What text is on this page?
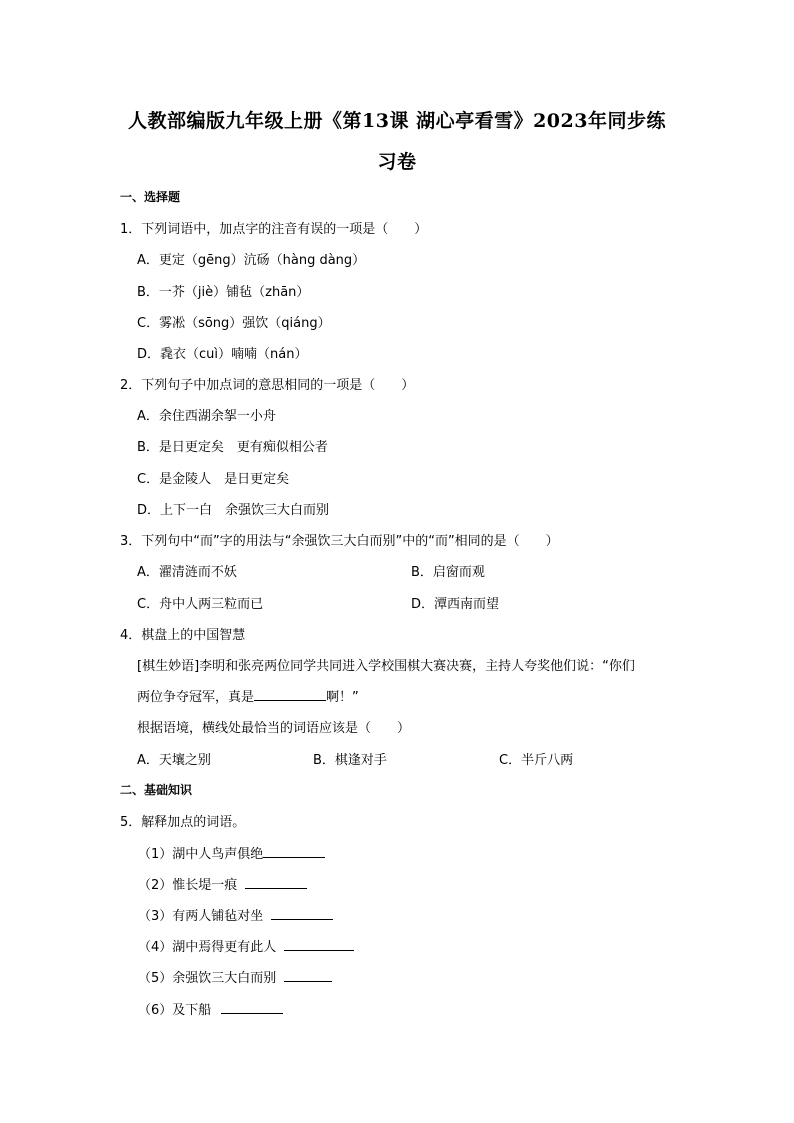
人教部编版九年级上册《第13课 湖心亭看雪》2023年同步练
习卷
一、选择题
1．下列词语中，加点字的注音有误的一项是（　　）
A．更定（gēng）沆砀（hàng dàng）
B．一芥（jiè）铺毡（zhān）
C．雾凇（sōng）强饮（qiáng）
D．毳衣（cuì）喃喃（nán）
2．下列句子中加点词的意思相同的一项是（　　）
A．余住西湖余挐一小舟
B．是日更定矣　更有痴似相公者
C．是金陵人　是日更定矣
D．上下一白　余强饮三大白而别
3．下列句中“而”字的用法与“余强饮三大白而别”中的“而”相同的是（　　）
A．濯清涟而不妖	B．启窗而观
C．舟中人两三粒而已	D．潭西南而望
4．棋盘上的中国智慧
[棋生妙语]李明和张亮两位同学共同进入学校围棋大赛决赛，主持人夸奖他们说：“你们
两位争夺冠军，真是	啊！”
根据语境，横线处最恰当的词语应该是（　　）
A．天壤之别	B．棋逢对手	C．半斤八两
二、基础知识
5．解释加点的词语。
（1）湖中人鸟声俱绝
（2）惟长堤一痕
（3）有两人铺毡对坐
（4）湖中焉得更有此人
（5）余强饮三大白而别
（6）及下船
